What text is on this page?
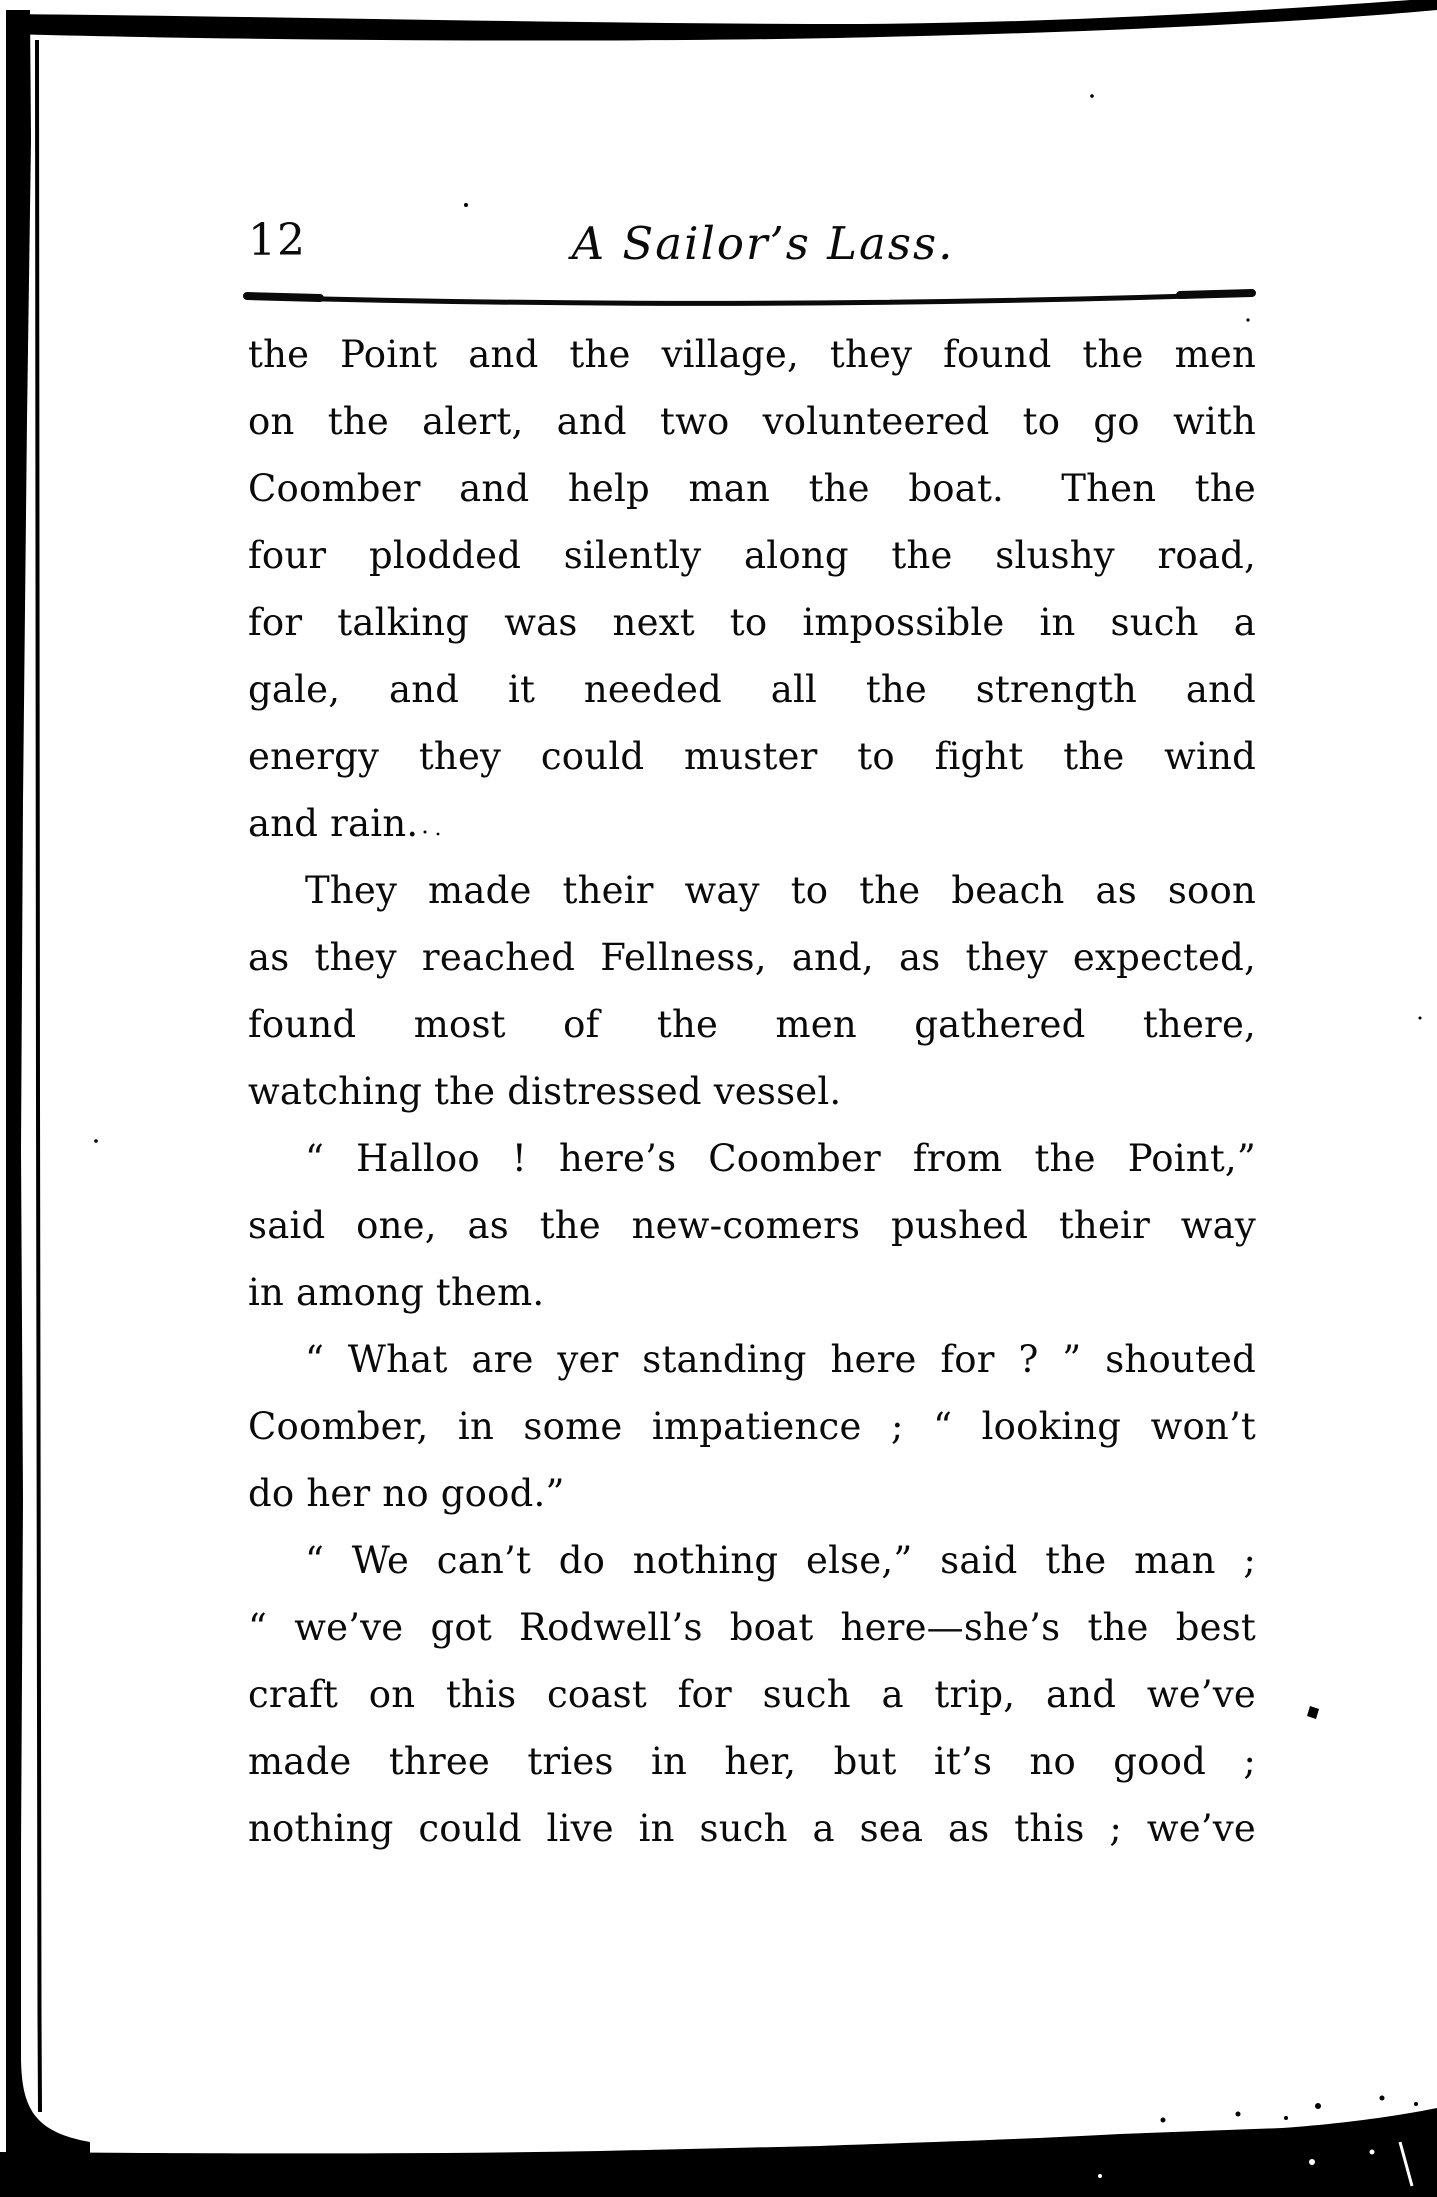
12	A Sailor’s Lass.
the Point and the village, they found the men
on the alert, and two volunteered to go with
Coomber and help man the boat.  Then the
four plodded silently along the slushy road,
for talking was next to impossible in such a
gale, and it needed all the strength and
energy they could muster to fight the wind
and rain.
They made their way to the beach as soon
as they reached Fellness, and, as they expected,
found most of the men gathered there,
watching the distressed vessel.
“ Halloo ! here’s Coomber from the Point,”
said one, as the new-comers pushed their way
in among them.
“ What are yer standing here for ? ” shouted
Coomber, in some impatience ; “ looking won’t
do her no good.”
“ We can’t do nothing else,” said the man ;
“ we’ve got Rodwell’s boat here—she’s the best
craft on this coast for such a trip, and we’ve
made three tries in her, but it’s no good ;
nothing could live in such a sea as this ; we’ve
